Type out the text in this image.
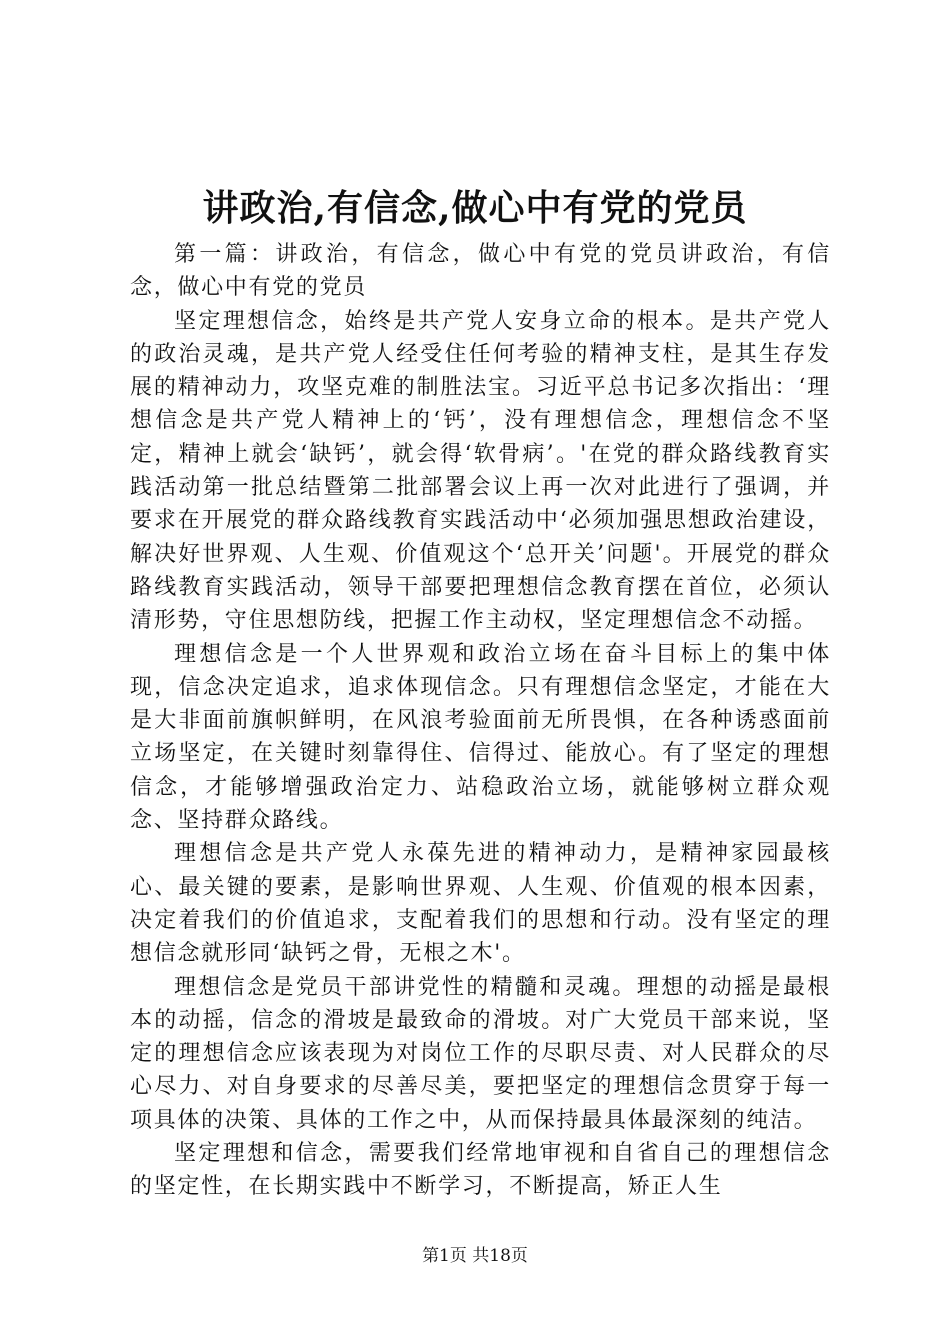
讲政治,有信念,做心中有党的党员

第一篇：讲政治，有信念，做心中有党的党员讲政治，有信念，做心中有党的党员

坚定理想信念，始终是共产党人安身立命的根本。是共产党人的政治灵魂，是共产党人经受住任何考验的精神支柱，是其生存发展的精神动力，攻坚克难的制胜法宝。习近平总书记多次指出：‘理想信念是共产党人精神上的‘钙’，没有理想信念，理想信念不坚定，精神上就会‘缺钙’，就会得‘软骨病’。'在党的群众路线教育实践活动第一批总结暨第二批部署会议上再一次对此进行了强调，并要求在开展党的群众路线教育实践活动中‘必须加强思想政治建设，解决好世界观、人生观、价值观这个‘总开关’问题'。开展党的群众路线教育实践活动，领导干部要把理想信念教育摆在首位，必须认清形势，守住思想防线，把握工作主动权，坚定理想信念不动摇。

理想信念是一个人世界观和政治立场在奋斗目标上的集中体现，信念决定追求，追求体现信念。只有理想信念坚定，才能在大是大非面前旗帜鲜明，在风浪考验面前无所畏惧，在各种诱惑面前立场坚定，在关键时刻靠得住、信得过、能放心。有了坚定的理想信念，才能够增强政治定力、站稳政治立场，就能够树立群众观念、坚持群众路线。

理想信念是共产党人永葆先进的精神动力，是精神家园最核心、最关键的要素，是影响世界观、人生观、价值观的根本因素，决定着我们的价值追求，支配着我们的思想和行动。没有坚定的理想信念就形同‘缺钙之骨，无根之木'。

理想信念是党员干部讲党性的精髓和灵魂。理想的动摇是最根本的动摇，信念的滑坡是最致命的滑坡。对广大党员干部来说，坚定的理想信念应该表现为对岗位工作的尽职尽责、对人民群众的尽心尽力、对自身要求的尽善尽美，要把坚定的理想信念贯穿于每一项具体的决策、具体的工作之中，从而保持最具体最深刻的纯洁。

坚定理想和信念，需要我们经常地审视和自省自己的理想信念的坚定性，在长期实践中不断学习，不断提高，矫正人生

第1页 共18页
